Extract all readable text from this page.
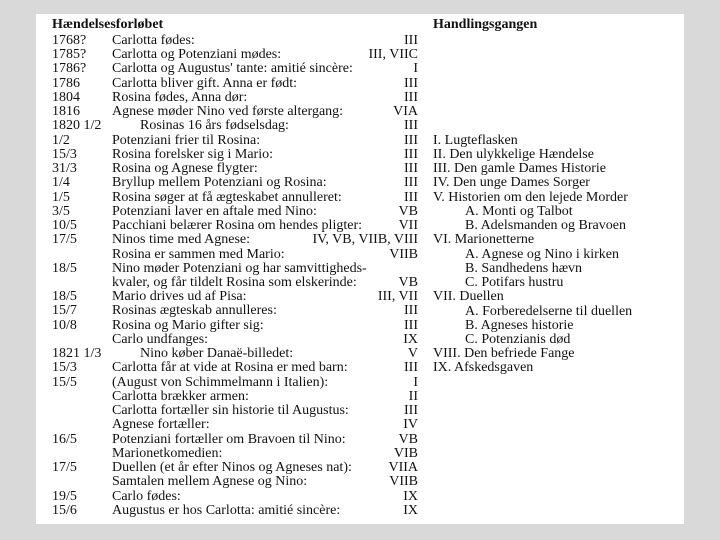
Hændelsesforløbet
1768? Carlotta fødes:	III
1785? Carlotta og Potenziani mødes:	III, VIIC
1786? Carlotta og Augustus' tante: amitié sincère:	I
1786 Carlotta bliver gift. Anna er født:	III
1804 Rosina fødes, Anna dør:	III
1816 Agnese møder Nino ved første altergang:	VIA
1820 1/2	Rosinas 16 års fødselsdag:	III
1/2	Potenziani frier til Rosina:	III
15/3	Rosina forelsker sig i Mario:	III
31/3	Rosina og Agnese flygter:	III
1/4	Bryllup mellem Potenziani og Rosina:	III
1/5	Rosina søger at få ægteskabet annulleret:	III
3/5	Potenziani laver en aftale med Nino:	VB
10/5	Pacchiani belærer Rosina om hendes pligter:	VII
17/5	Ninos time med Agnese:	IV, VB, VIIB, VIII
Rosina er sammen med Mario:	VIIB
18/5	Nino møder Potenziani og har samvittigheds-
kvaler, og får tildelt Rosina som elskerinde:	VB
18/5	Mario drives ud af Pisa:	III, VII
15/7	Rosinas ægteskab annulleres:	III
10/8	Rosina og Mario gifter sig:	III
Carlo undfanges:	IX
1821 1/3	Nino køber Danaë-billedet:	V
15/3	Carlotta får at vide at Rosina er med barn:	III
15/5	(August von Schimmelmann i Italien):	I
Carlotta brækker armen:	II
Carlotta fortæller sin historie til Augustus:	III
Agnese fortæller:	IV
16/5	Potenziani fortæller om Bravoen til Nino:	VB
Marionetkomedien:	VIB
17/5	Duellen (et år efter Ninos og Agneses nat):	VIIA
Samtalen mellem Agnese og Nino:	VIIB
19/5	Carlo fødes:	IX
15/6	Augustus er hos Carlotta: amitié sincère:	IX
Handlingsgangen
I. Lugteflasken
II. Den ulykkelige Hændelse
III. Den gamle Dames Historie
IV. Den unge Dames Sorger
V. Historien om den lejede Morder
A. Monti og Talbot
B. Adelsmanden og Bravoen
VI. Marionetterne
A. Agnese og Nino i kirken
B. Sandhedens hævn
C. Potifars hustru
VII. Duellen
A. Forberedelserne til duellen
B. Agneses historie
C. Potenzianis død
VIII. Den befriede Fange
IX. Afskedsgaven
